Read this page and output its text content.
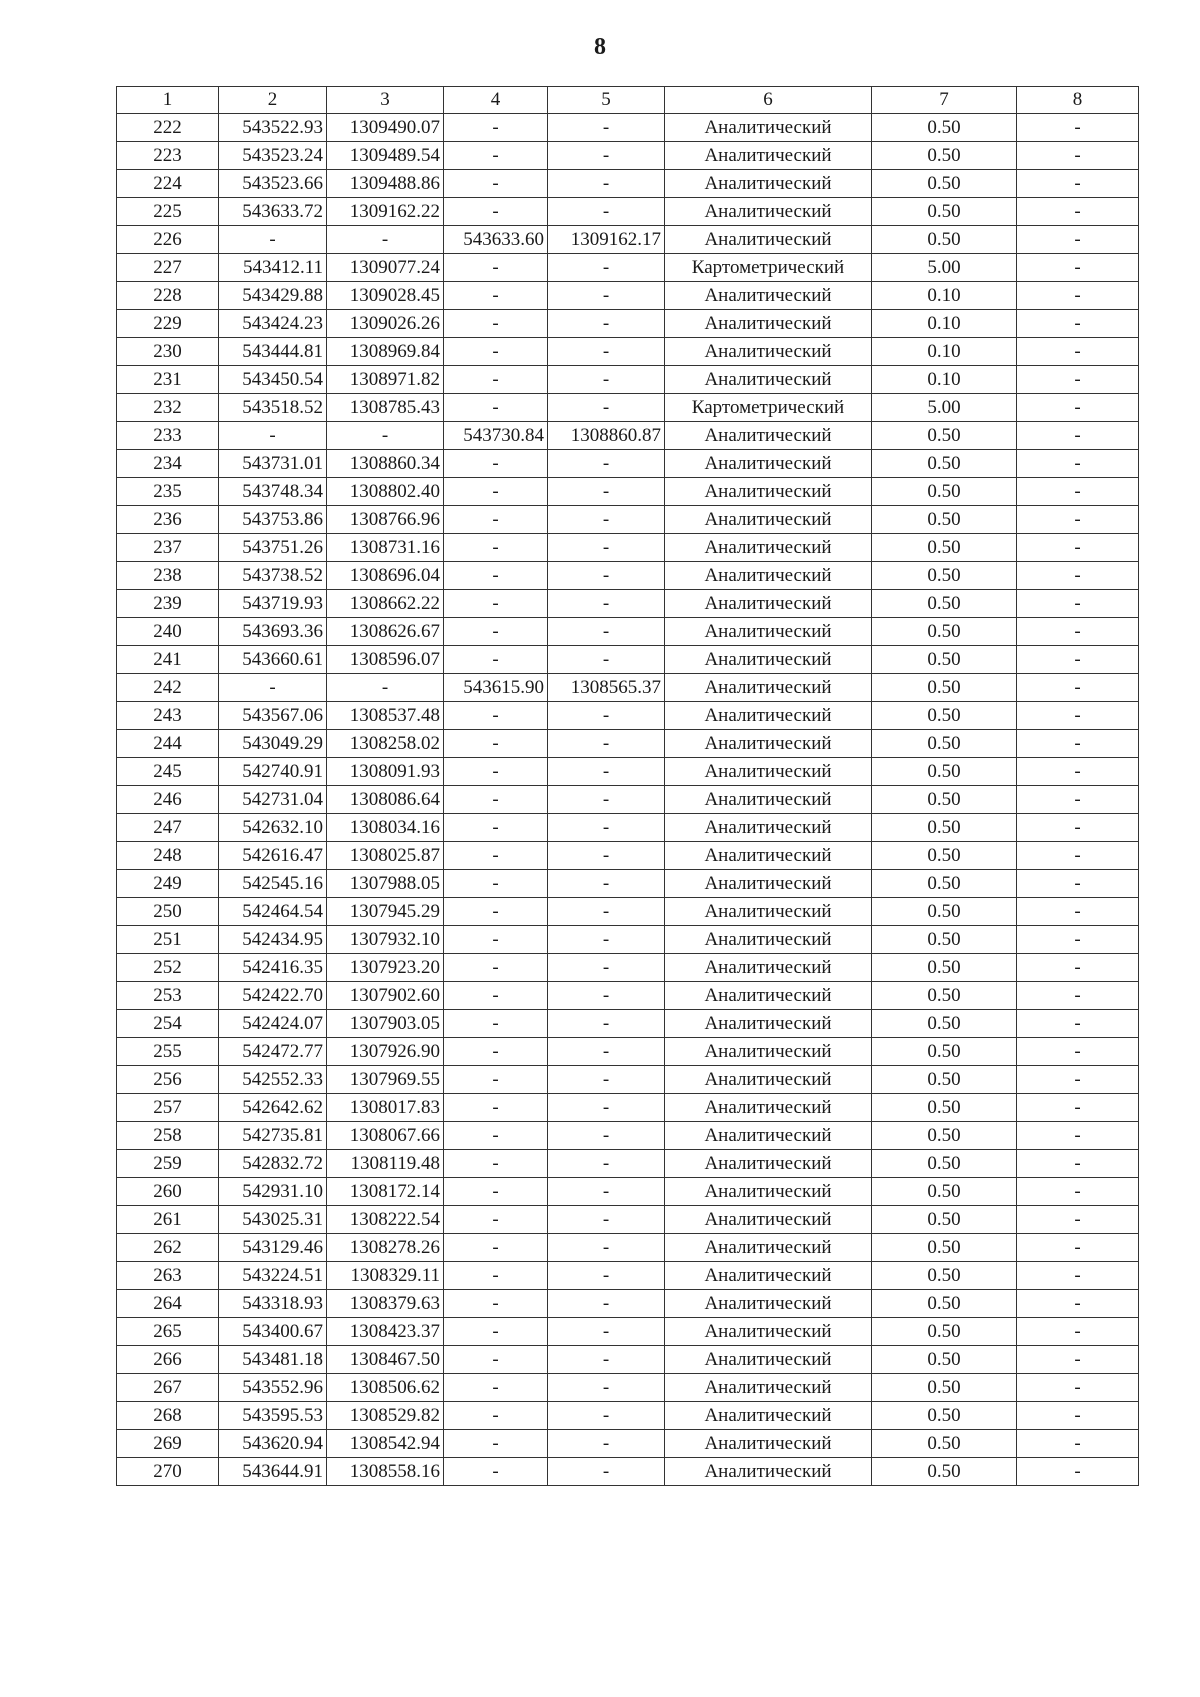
8
1	2	3	4	5	6	7	8
222	543522.93	1309490.07	-	-	Аналитический	0.50	-
223	543523.24	1309489.54	-	-	Аналитический	0.50	-
224	543523.66	1309488.86	-	-	Аналитический	0.50	-
225	543633.72	1309162.22	-	-	Аналитический	0.50	-
226	-	-	543633.60	1309162.17	Аналитический	0.50	-
227	543412.11	1309077.24	-	-	Картометрический	5.00	-
228	543429.88	1309028.45	-	-	Аналитический	0.10	-
229	543424.23	1309026.26	-	-	Аналитический	0.10	-
230	543444.81	1308969.84	-	-	Аналитический	0.10	-
231	543450.54	1308971.82	-	-	Аналитический	0.10	-
232	543518.52	1308785.43	-	-	Картометрический	5.00	-
233	-	-	543730.84	1308860.87	Аналитический	0.50	-
234	543731.01	1308860.34	-	-	Аналитический	0.50	-
235	543748.34	1308802.40	-	-	Аналитический	0.50	-
236	543753.86	1308766.96	-	-	Аналитический	0.50	-
237	543751.26	1308731.16	-	-	Аналитический	0.50	-
238	543738.52	1308696.04	-	-	Аналитический	0.50	-
239	543719.93	1308662.22	-	-	Аналитический	0.50	-
240	543693.36	1308626.67	-	-	Аналитический	0.50	-
241	543660.61	1308596.07	-	-	Аналитический	0.50	-
242	-	-	543615.90	1308565.37	Аналитический	0.50	-
243	543567.06	1308537.48	-	-	Аналитический	0.50	-
244	543049.29	1308258.02	-	-	Аналитический	0.50	-
245	542740.91	1308091.93	-	-	Аналитический	0.50	-
246	542731.04	1308086.64	-	-	Аналитический	0.50	-
247	542632.10	1308034.16	-	-	Аналитический	0.50	-
248	542616.47	1308025.87	-	-	Аналитический	0.50	-
249	542545.16	1307988.05	-	-	Аналитический	0.50	-
250	542464.54	1307945.29	-	-	Аналитический	0.50	-
251	542434.95	1307932.10	-	-	Аналитический	0.50	-
252	542416.35	1307923.20	-	-	Аналитический	0.50	-
253	542422.70	1307902.60	-	-	Аналитический	0.50	-
254	542424.07	1307903.05	-	-	Аналитический	0.50	-
255	542472.77	1307926.90	-	-	Аналитический	0.50	-
256	542552.33	1307969.55	-	-	Аналитический	0.50	-
257	542642.62	1308017.83	-	-	Аналитический	0.50	-
258	542735.81	1308067.66	-	-	Аналитический	0.50	-
259	542832.72	1308119.48	-	-	Аналитический	0.50	-
260	542931.10	1308172.14	-	-	Аналитический	0.50	-
261	543025.31	1308222.54	-	-	Аналитический	0.50	-
262	543129.46	1308278.26	-	-	Аналитический	0.50	-
263	543224.51	1308329.11	-	-	Аналитический	0.50	-
264	543318.93	1308379.63	-	-	Аналитический	0.50	-
265	543400.67	1308423.37	-	-	Аналитический	0.50	-
266	543481.18	1308467.50	-	-	Аналитический	0.50	-
267	543552.96	1308506.62	-	-	Аналитический	0.50	-
268	543595.53	1308529.82	-	-	Аналитический	0.50	-
269	543620.94	1308542.94	-	-	Аналитический	0.50	-
270	543644.91	1308558.16	-	-	Аналитический	0.50	-
